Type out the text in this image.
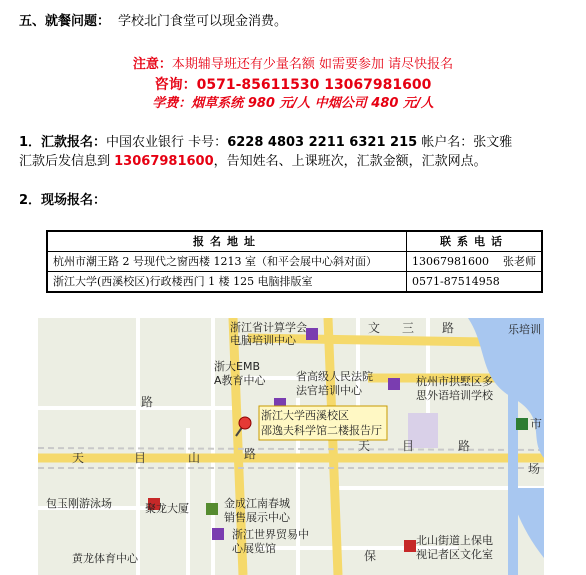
五、就餐问题： 学校北门食堂可以现金消费。
注意：本期辅导班还有少量名额 如需要参加 请尽快报名
咨询：0571-85611530 13067981600
学费：烟草系统 980 元/人 中烟公司 480 元/人
1．汇款报名：中国农业银行 卡号：6228 4803 2211 6321 215 帐户名：张文雅
汇款后发信息到 13067981600，告知姓名、上课班次，汇款金额，汇款网点。
2．现场报名：
报名地址	联系电话
杭州市潮王路 2 号现代之窗西楼 1213 室（和平会展中心斜对面）	13067981600    张老师
浙江大学(西溪校区)行政楼西门 1 楼 125 电脑排版室	0571-87514958
浙江省计算学会
电脑培训中心
浙大EMB
A教育中心	省高级人民法院
法官培训中心
杭州市拱墅区多
思外语培训学校
乐培训
浙江大学西溪校区
邵逸夫科学馆二楼报告厅
包玉刚游泳场	聚龙大厦	金成江南春城
销售展示中心
浙江世界贸易中
心展览馆
北山街道上保电
视记者区文化室
黄龙体育中心
文 三 路
天	目	山	路
天	目	路
路
场
保
市
